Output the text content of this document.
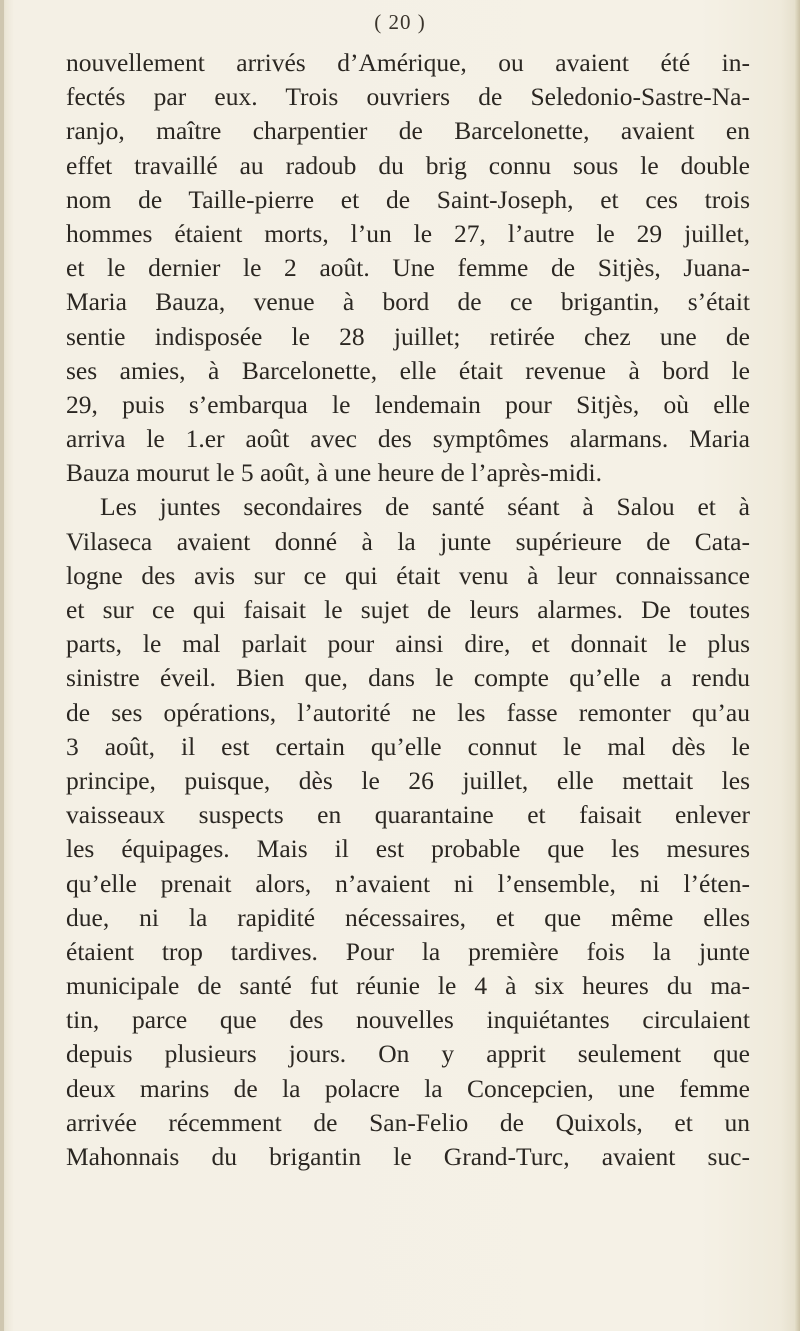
( 20 )
nouvellement arrivés d’Amérique, ou avaient été in-
fectés par eux. Trois ouvriers de Seledonio-Sastre-Na-
ranjo, maître charpentier de Barcelonette, avaient en
effet travaillé au radoub du brig connu sous le double
nom de Taille-pierre et de Saint-Joseph, et ces trois
hommes étaient morts, l’un le 27, l’autre le 29 juillet,
et le dernier le 2 août. Une femme de Sitjès, Juana-
Maria Bauza, venue à bord de ce brigantin, s’était
sentie indisposée le 28 juillet; retirée chez une de
ses amies, à Barcelonette, elle était revenue à bord le
29, puis s’embarqua le lendemain pour Sitjès, où elle
arriva le 1.er août avec des symptômes alarmans. Maria
Bauza mourut le 5 août, à une heure de l’après-midi.
Les juntes secondaires de santé séant à Salou et à
Vilaseca avaient donné à la junte supérieure de Cata-
logne des avis sur ce qui était venu à leur connaissance
et sur ce qui faisait le sujet de leurs alarmes. De toutes
parts, le mal parlait pour ainsi dire, et donnait le plus
sinistre éveil. Bien que, dans le compte qu’elle a rendu
de ses opérations, l’autorité ne les fasse remonter qu’au
3 août, il est certain qu’elle connut le mal dès le
principe, puisque, dès le 26 juillet, elle mettait les
vaisseaux suspects en quarantaine et faisait enlever
les équipages. Mais il est probable que les mesures
qu’elle prenait alors, n’avaient ni l’ensemble, ni l’éten-
due, ni la rapidité nécessaires, et que même elles
étaient trop tardives. Pour la première fois la junte
municipale de santé fut réunie le 4 à six heures du ma-
tin, parce que des nouvelles inquiétantes circulaient
depuis plusieurs jours. On y apprit seulement que
deux marins de la polacre la Concepcien, une femme
arrivée récemment de San-Felio de Quixols, et un
Mahonnais du brigantin le Grand-Turc, avaient suc-
